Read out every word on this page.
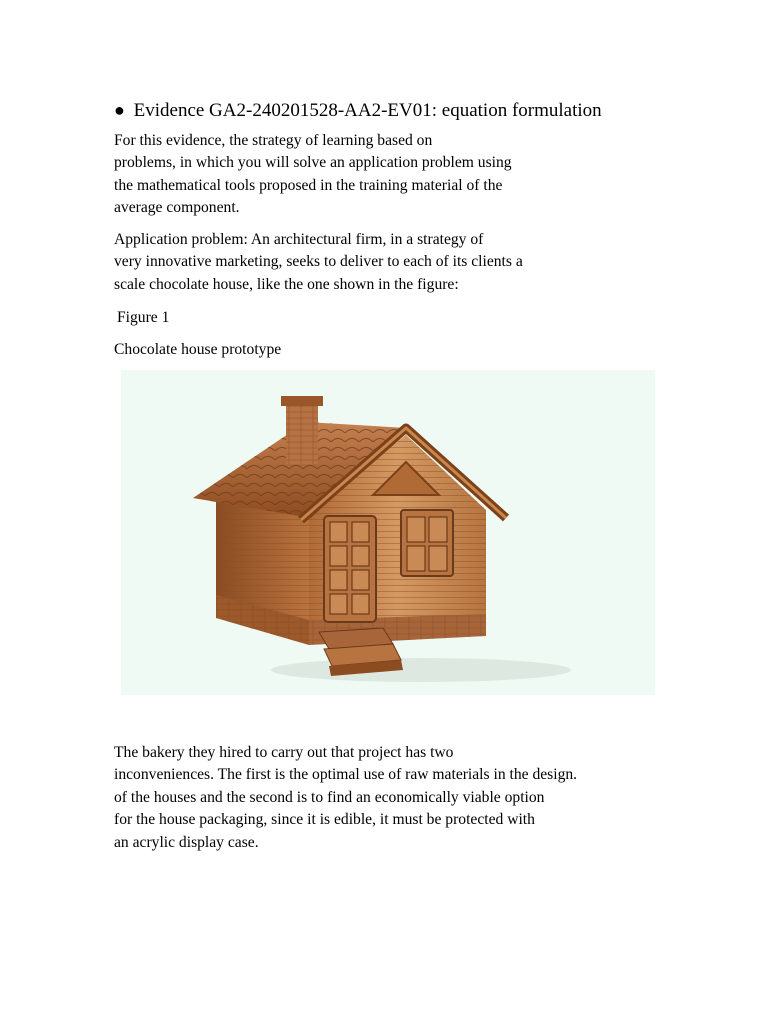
● Evidence GA2-240201528-AA2-EV01: equation formulation
For this evidence, the strategy of learning based on
problems, in which you will solve an application problem using
the mathematical tools proposed in the training material of the
average component.
Application problem: An architectural firm, in a strategy of
very innovative marketing, seeks to deliver to each of its clients a
scale chocolate house, like the one shown in the figure:
Figure 1
Chocolate house prototype
The bakery they hired to carry out that project has two
inconveniences. The first is the optimal use of raw materials in the design.
of the houses and the second is to find an economically viable option
for the house packaging, since it is edible, it must be protected with
an acrylic display case.
